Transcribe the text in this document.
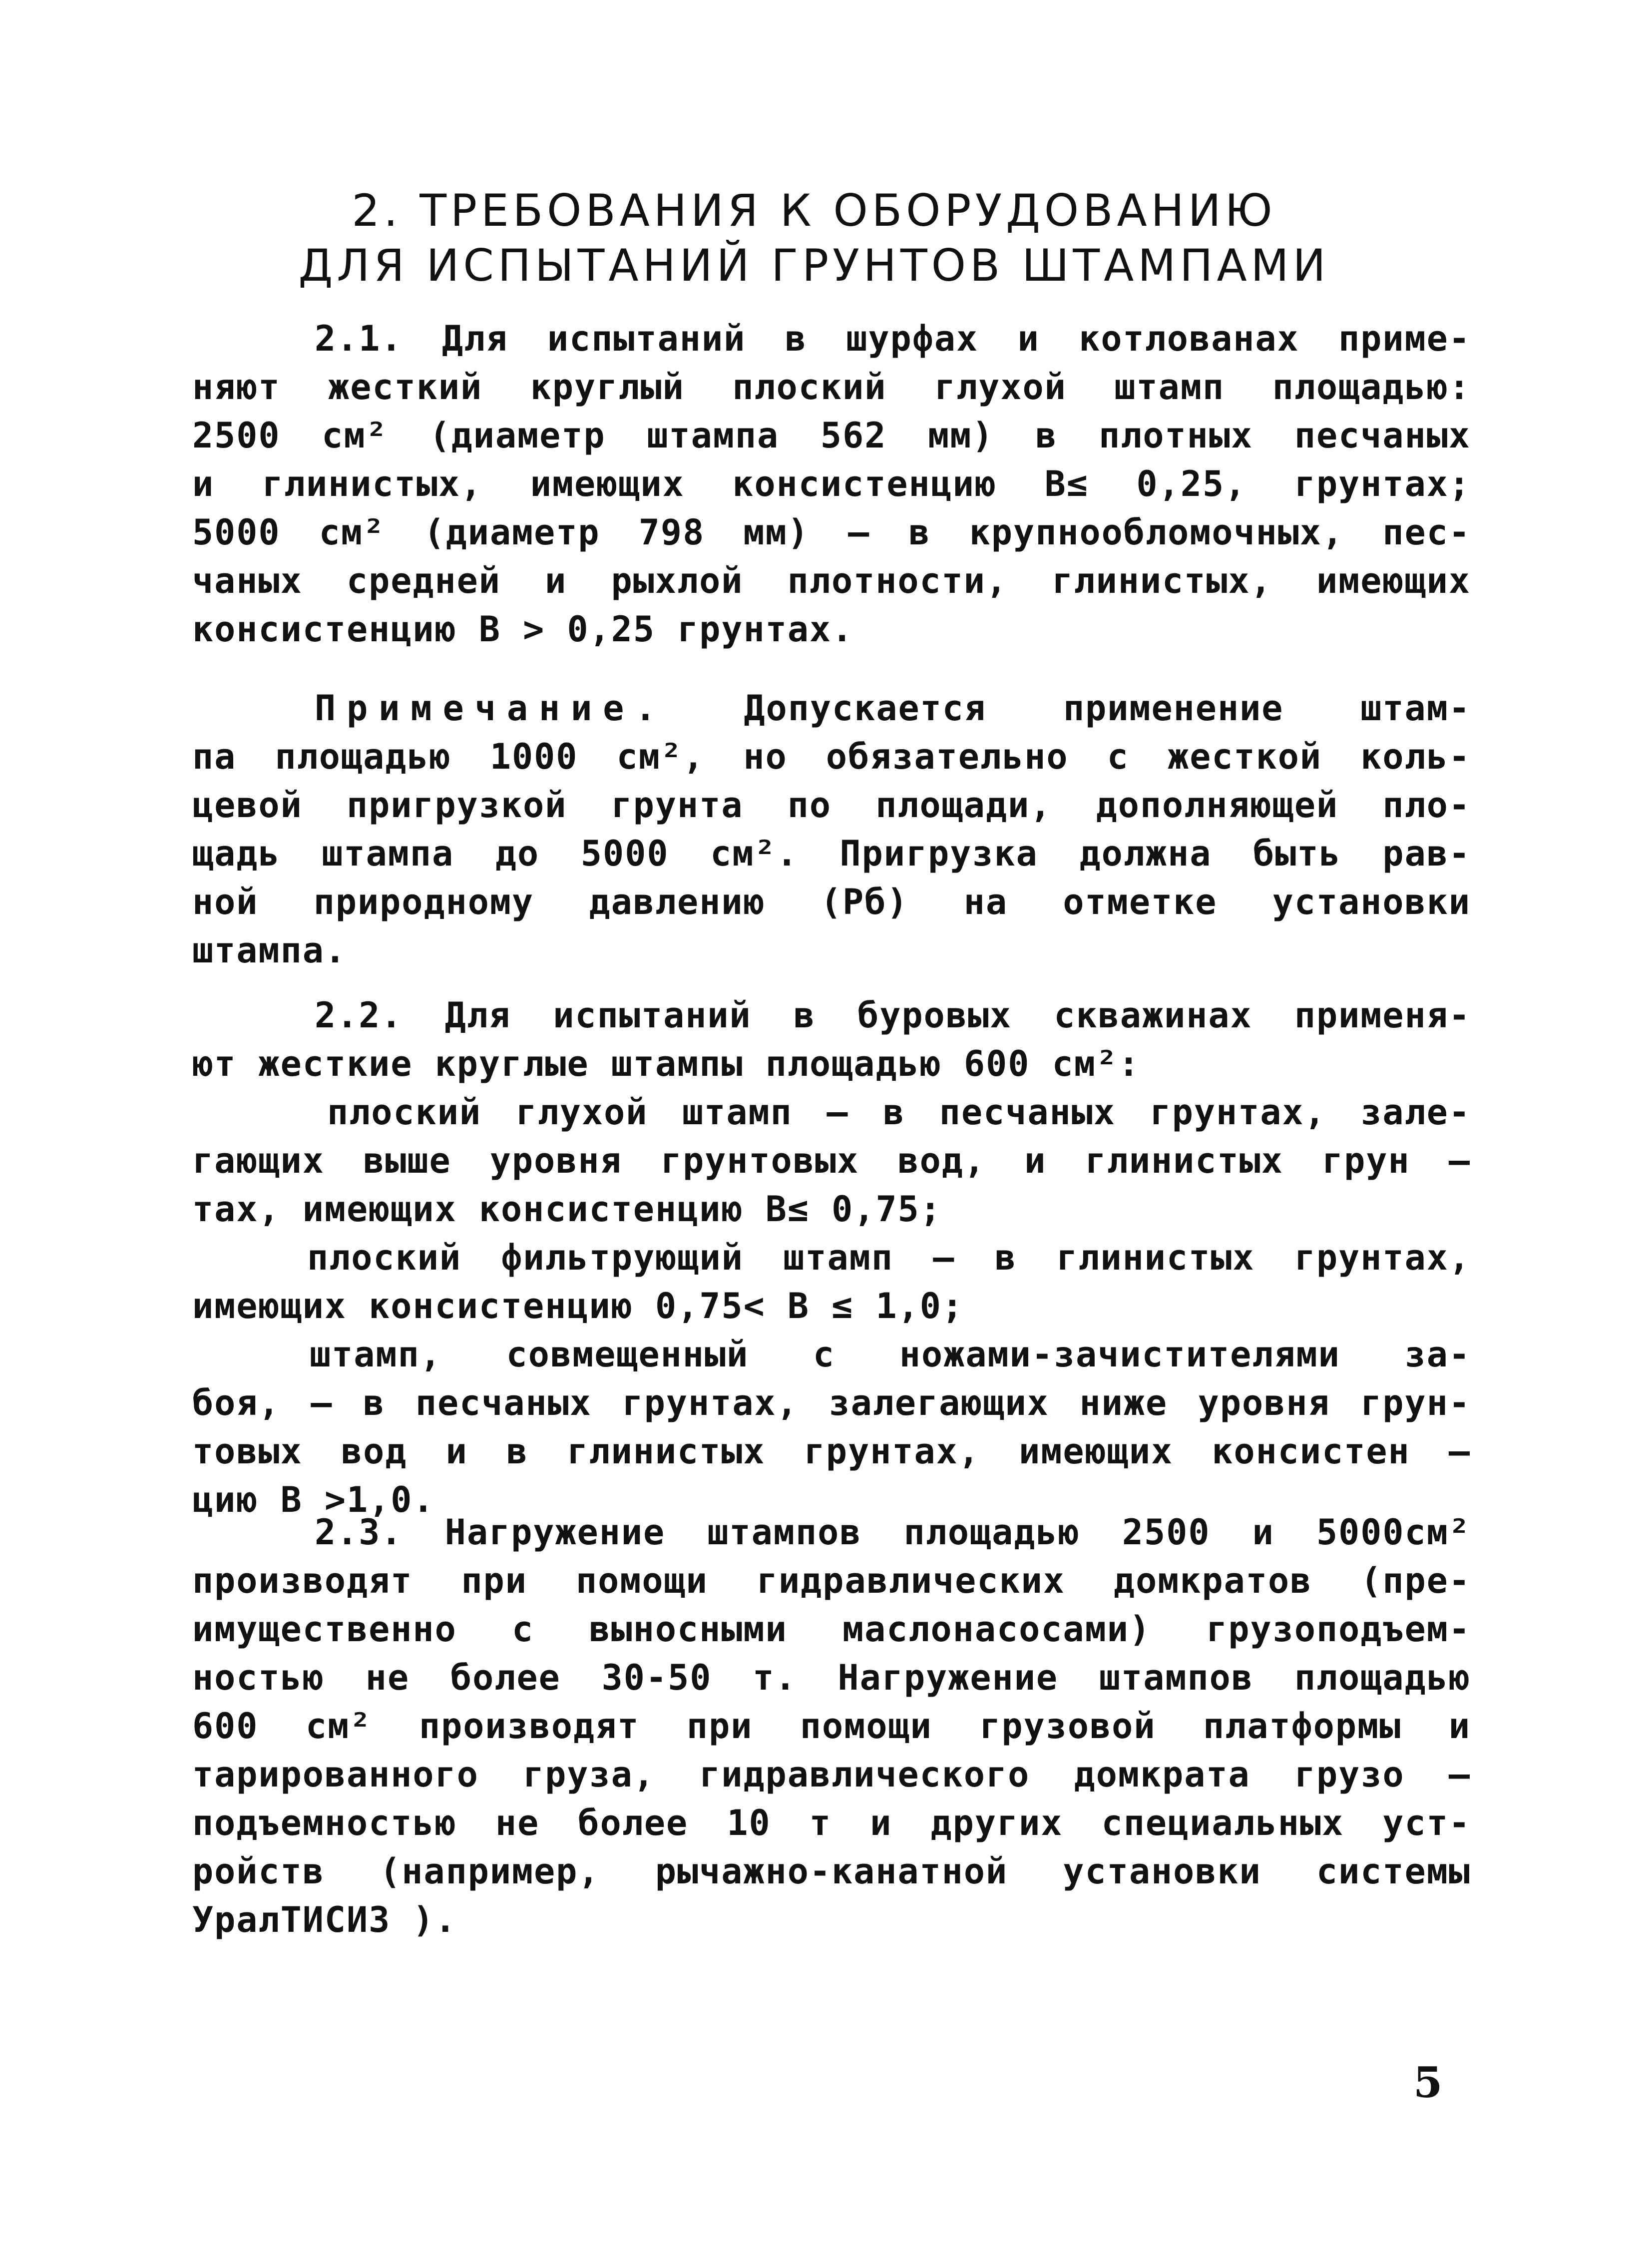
2. ТРЕБОВАНИЯ К ОБОРУДОВАНИЮ
ДЛЯ ИСПЫТАНИЙ ГРУНТОВ ШТАМПАМИ
2.1. Для испытаний в шурфах и котлованах приме-
няют жесткий круглый плоский глухой штамп площадью:
2500 см² (диаметр штампа 562 мм) в плотных песчаных
и глинистых, имеющих консистенцию B≤ 0,25, грунтах;
5000 см² (диаметр 798 мм) – в крупнообломочных, пес-
чаных средней и рыхлой плотности, глинистых, имеющих
консистенцию B > 0,25 грунтах.
Примечание. Допускается применение штам-
па площадью 1000 см², но обязательно с жесткой коль-
цевой пригрузкой грунта по площади, дополняющей пло-
щадь штампа до 5000 см². Пригрузка должна быть рав-
ной природному давлению (Pб) на отметке установки
штампа.
2.2. Для испытаний в буровых скважинах применя-
ют жесткие круглые штампы площадью 600 см²:
плоский глухой штамп – в песчаных грунтах, зале-
гающих выше уровня грунтовых вод, и глинистых грун –
тах, имеющих консистенцию B≤ 0,75;
плоский фильтрующий штамп – в глинистых грунтах,
имеющих консистенцию 0,75< B ≤ 1,0;
штамп, совмещенный с ножами-зачистителями за-
боя, – в песчаных грунтах, залегающих ниже уровня грун-
товых вод и в глинистых грунтах, имеющих консистен –
цию B >1,0.
2.3. Нагружение штампов площадью 2500 и 5000см²
производят при помощи гидравлических домкратов (пре-
имущественно с выносными маслонасосами) грузоподъем-
ностью не более 30-50 т. Нагружение штампов площадью
600 см² производят при помощи грузовой платформы и
тарированного груза, гидравлического домкрата грузо –
подъемностью не более 10 т и других специальных уст-
ройств (например, рычажно-канатной установки системы
УралТИСИЗ ).
5
